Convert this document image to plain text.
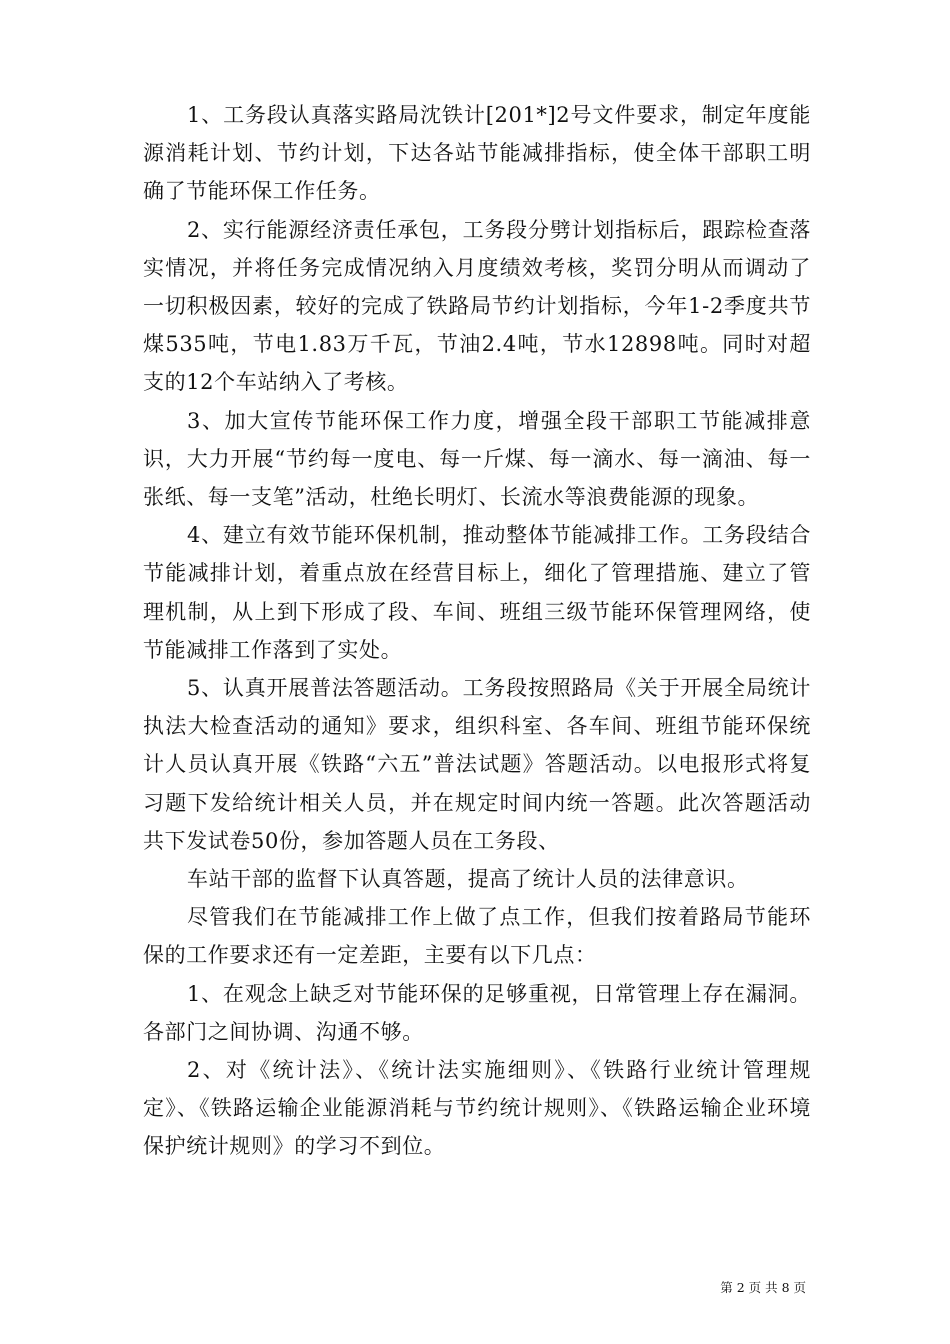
1、工务段认真落实路局沈铁计[201*]2号文件要求，制定年度能源消耗计划、节约计划，下达各站节能减排指标，使全体干部职工明确了节能环保工作任务。

2、实行能源经济责任承包，工务段分劈计划指标后，跟踪检查落实情况，并将任务完成情况纳入月度绩效考核，奖罚分明从而调动了一切积极因素，较好的完成了铁路局节约计划指标，今年1-2季度共节煤535吨，节电1.83万千瓦，节油2.4吨，节水12898吨。同时对超支的12个车站纳入了考核。

3、加大宣传节能环保工作力度，增强全段干部职工节能减排意识，大力开展“节约每一度电、每一斤煤、每一滴水、每一滴油、每一张纸、每一支笔”活动，杜绝长明灯、长流水等浪费能源的现象。

4、建立有效节能环保机制，推动整体节能减排工作。工务段结合节能减排计划，着重点放在经营目标上，细化了管理措施、建立了管理机制，从上到下形成了段、车间、班组三级节能环保管理网络，使节能减排工作落到了实处。

5、认真开展普法答题活动。工务段按照路局《关于开展全局统计执法大检查活动的通知》要求，组织科室、各车间、班组节能环保统计人员认真开展《铁路“六五”普法试题》答题活动。以电报形式将复习题下发给统计相关人员，并在规定时间内统一答题。此次答题活动共下发试卷50份，参加答题人员在工务段、

车站干部的监督下认真答题，提高了统计人员的法律意识。

尽管我们在节能减排工作上做了点工作，但我们按着路局节能环保的工作要求还有一定差距，主要有以下几点：

1、在观念上缺乏对节能环保的足够重视，日常管理上存在漏洞。各部门之间协调、沟通不够。

2、对《统计法》、《统计法实施细则》、《铁路行业统计管理规定》、《铁路运输企业能源消耗与节约统计规则》、《铁路运输企业环境保护统计规则》的学习不到位。

第 2 页 共 8 页
